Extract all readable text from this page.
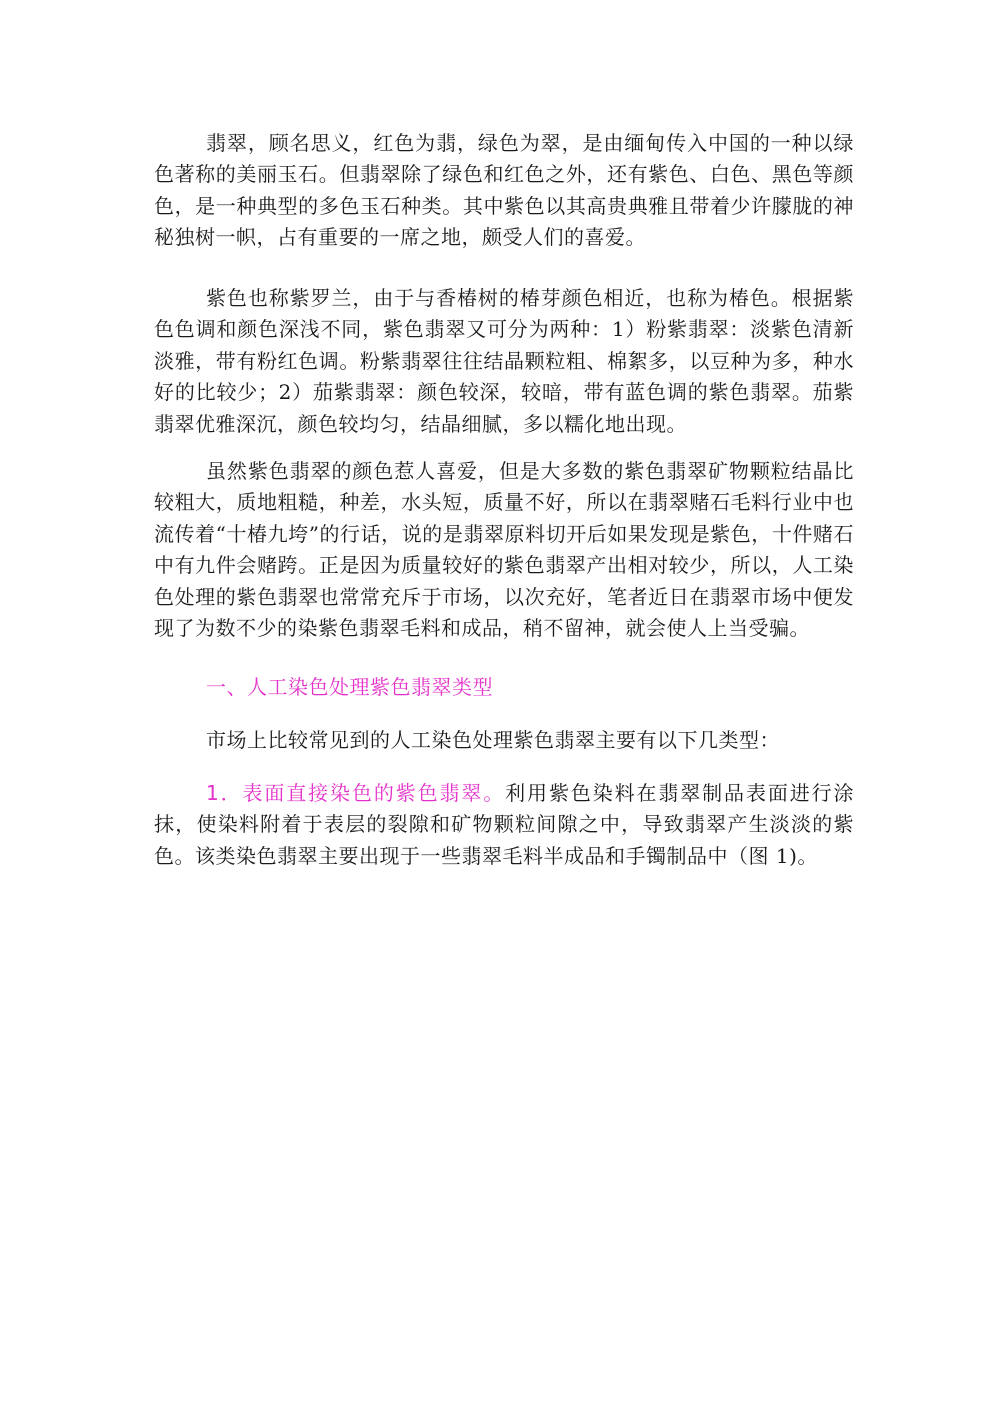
翡翠，顾名思义，红色为翡，绿色为翠，是由缅甸传入中国的一种以绿色著称的美丽玉石。但翡翠除了绿色和红色之外，还有紫色、白色、黑色等颜色，是一种典型的多色玉石种类。其中紫色以其高贵典雅且带着少许朦胧的神秘独树一帜，占有重要的一席之地，颇受人们的喜爱。

紫色也称紫罗兰，由于与香椿树的椿芽颜色相近，也称为椿色。根据紫色色调和颜色深浅不同，紫色翡翠又可分为两种：1）粉紫翡翠：淡紫色清新淡雅，带有粉红色调。粉紫翡翠往往结晶颗粒粗、棉絮多，以豆种为多，种水好的比较少；2）茄紫翡翠：颜色较深，较暗，带有蓝色调的紫色翡翠。茄紫翡翠优雅深沉，颜色较均匀，结晶细腻，多以糯化地出现。

虽然紫色翡翠的颜色惹人喜爱，但是大多数的紫色翡翠矿物颗粒结晶比较粗大，质地粗糙，种差，水头短，质量不好，所以在翡翠赌石毛料行业中也流传着“十椿九垮”的行话，说的是翡翠原料切开后如果发现是紫色，十件赌石中有九件会赌跨。正是因为质量较好的紫色翡翠产出相对较少，所以，人工染色处理的紫色翡翠也常常充斥于市场，以次充好，笔者近日在翡翠市场中便发现了为数不少的染紫色翡翠毛料和成品，稍不留神，就会使人上当受骗。

一、人工染色处理紫色翡翠类型

市场上比较常见到的人工染色处理紫色翡翠主要有以下几类型：

1．表面直接染色的紫色翡翠。利用紫色染料在翡翠制品表面进行涂抹，使染料附着于表层的裂隙和矿物颗粒间隙之中，导致翡翠产生淡淡的紫色。该类染色翡翠主要出现于一些翡翠毛料半成品和手镯制品中（图 1)。
